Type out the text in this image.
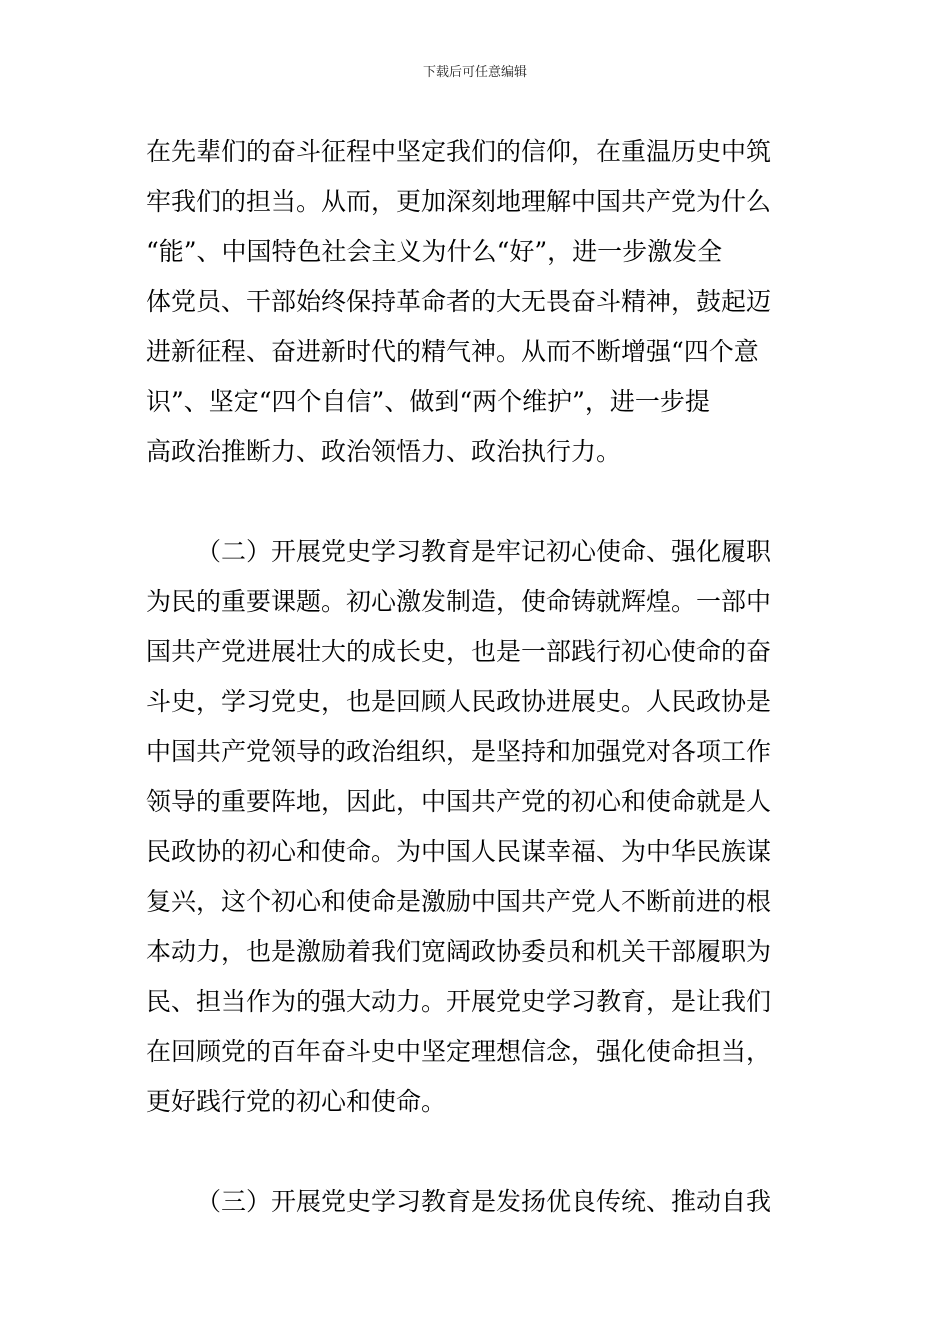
下载后可任意编辑
在先辈们的奋斗征程中坚定我们的信仰，在重温历史中筑
牢我们的担当。从而，更加深刻地理解中国共产党为什么
“能”、中国特色社会主义为什么“好”，进一步激发全
体党员、干部始终保持革命者的大无畏奋斗精神，鼓起迈
进新征程、奋进新时代的精气神。从而不断增强“四个意
识”、坚定“四个自信”、做到“两个维护”，进一步提
高政治推断力、政治领悟力、政治执行力。
（二）开展党史学习教育是牢记初心使命、强化履职
为民的重要课题。初心激发制造，使命铸就辉煌。一部中
国共产党进展壮大的成长史，也是一部践行初心使命的奋
斗史，学习党史，也是回顾人民政协进展史。人民政协是
中国共产党领导的政治组织，是坚持和加强党对各项工作
领导的重要阵地，因此，中国共产党的初心和使命就是人
民政协的初心和使命。为中国人民谋幸福、为中华民族谋
复兴，这个初心和使命是激励中国共产党人不断前进的根
本动力，也是激励着我们宽阔政协委员和机关干部履职为
民、担当作为的强大动力。开展党史学习教育，是让我们
在回顾党的百年奋斗史中坚定理想信念，强化使命担当，
更好践行党的初心和使命。
（三）开展党史学习教育是发扬优良传统、推动自我
